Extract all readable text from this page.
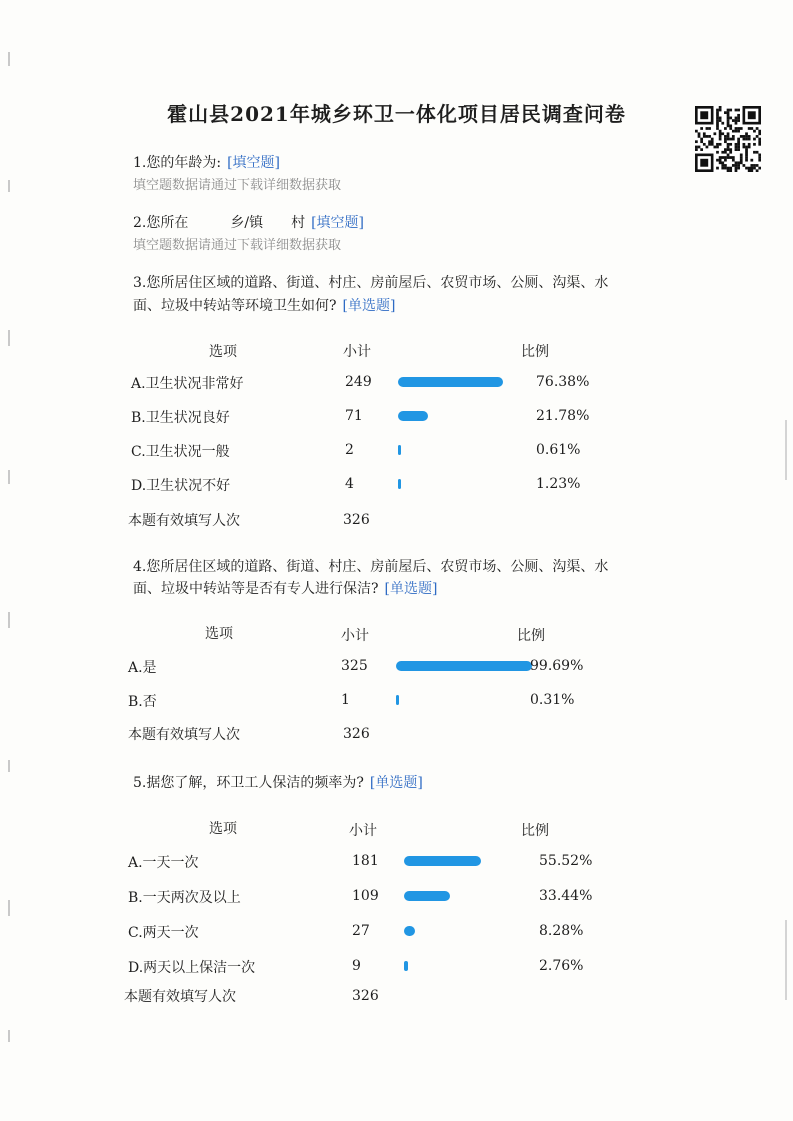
霍山县2021年城乡环卫一体化项目居民调查问卷
1.您的年龄为: [填空题]
填空题数据请通过下载详细数据获取
2.您所在　　　乡/镇　　村 [填空题]
填空题数据请通过下载详细数据获取
3.您所居住区域的道路、街道、村庄、房前屋后、农贸市场、公厕、沟渠、水
面、垃圾中转站等环境卫生如何? [单选题]
选项	小计	比例
A.卫生状况非常好	249	76.38%
B.卫生状况良好	71	21.78%
C.卫生状况一般	2	0.61%
D.卫生状况不好	4	1.23%
本题有效填写人次	326
4.您所居住区域的道路、街道、村庄、房前屋后、农贸市场、公厕、沟渠、水
面、垃圾中转站等是否有专人进行保洁? [单选题]
选项	小计	比例
A.是	325	99.69%
B.否	1	0.31%
本题有效填写人次	326
5.据您了解，环卫工人保洁的频率为? [单选题]
选项	小计	比例
A.一天一次	181	55.52%
B.一天两次及以上	109	33.44%
C.两天一次	27	8.28%
D.两天以上保洁一次	9	2.76%
本题有效填写人次	326
